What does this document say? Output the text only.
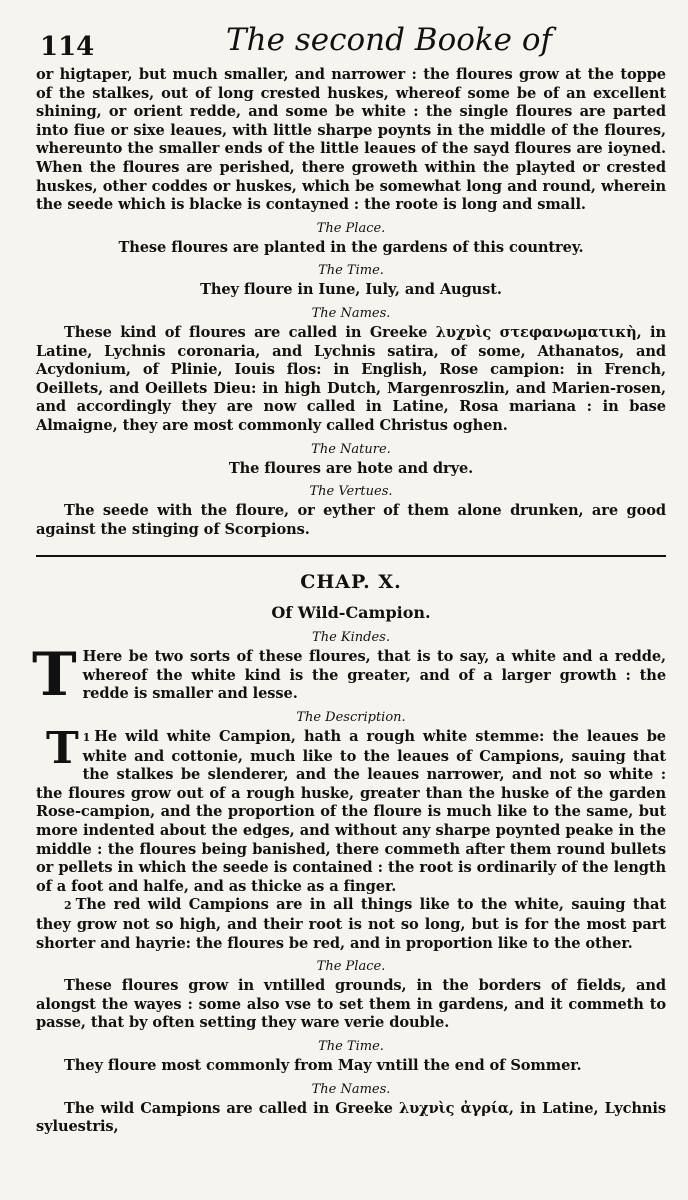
114	The second Booke of

or higtaper, but much smaller, and narrower : the floures grow at the toppe of the stalkes, out of long crested huskes, whereof some be of an excellent shining, or orient redde, and some be white : the single floures are parted into fiue or sixe leaues, with little sharpe poynts in the middle of the floures, whereunto the smaller ends of the little leaues of the sayd floures are ioyned. When the floures are perished, there groweth within the playted or crested huskes, other coddes or huskes, which be somewhat long and round, wherein the seede which is blacke is contayned : the roote is long and small.

The Place.

These floures are planted in the gardens of this countrey.

The Time.

They floure in Iune, Iuly, and August.

The Names.

These kind of floures are called in Greeke λυχνὶς στεφανωματικὴ, in Latine, Lychnis coronaria, and Lychnis satira, of some, Athanatos, and Acydonium, of Plinie, Iouis flos: in English, Rose campion: in French, Oeillets, and Oeillets Dieu: in high Dutch, Margenroszlin, and Marien-rosen, and accordingly they are now called in Latine, Rosa mariana : in base Almaigne, they are most commonly called Christus oghen.

The Nature.

The floures are hote and drye.

The Vertues.

The seede with the floure, or eyther of them alone drunken, are good against the stinging of Scorpions.

CHAP. X.
Of Wild-Campion.
The Kindes.

T Here be two sorts of these floures, that is to say, a white and a redde, whereof the white kind is the greater, and of a larger growth : the redde is smaller and lesse.

The Description.

1
T He wild white Campion, hath a rough white stemme: the leaues be white and cottonie, much like to the leaues of Campions, sauing that the stalkes be slenderer, and the leaues narrower, and not so white : the floures grow out of a rough huske, greater than the huske of the garden Rose-campion, and the proportion of the floure is much like to the same, but more indented about the edges, and without any sharpe poynted peake in the middle : the floures being banished, there commeth after them round bullets or pellets in which the seede is contained : the root is ordinarily of the length of a foot and halfe, and as thicke as a finger.

2 The red wild Campions are in all things like to the white, sauing that they grow not so high, and their root is not so long, but is for the most part shorter and hayrie: the floures be red, and in proportion like to the other.

The Place.

These floures grow in vntilled grounds, in the borders of fields, and alongst the wayes : some also vse to set them in gardens, and it commeth to passe, that by often setting they ware verie double.

The Time.

They floure most commonly from May vntill the end of Sommer.

The Names.

The wild Campions are called in Greeke λυχνὶς ἀγρία, in Latine, Lychnis syluestris,
